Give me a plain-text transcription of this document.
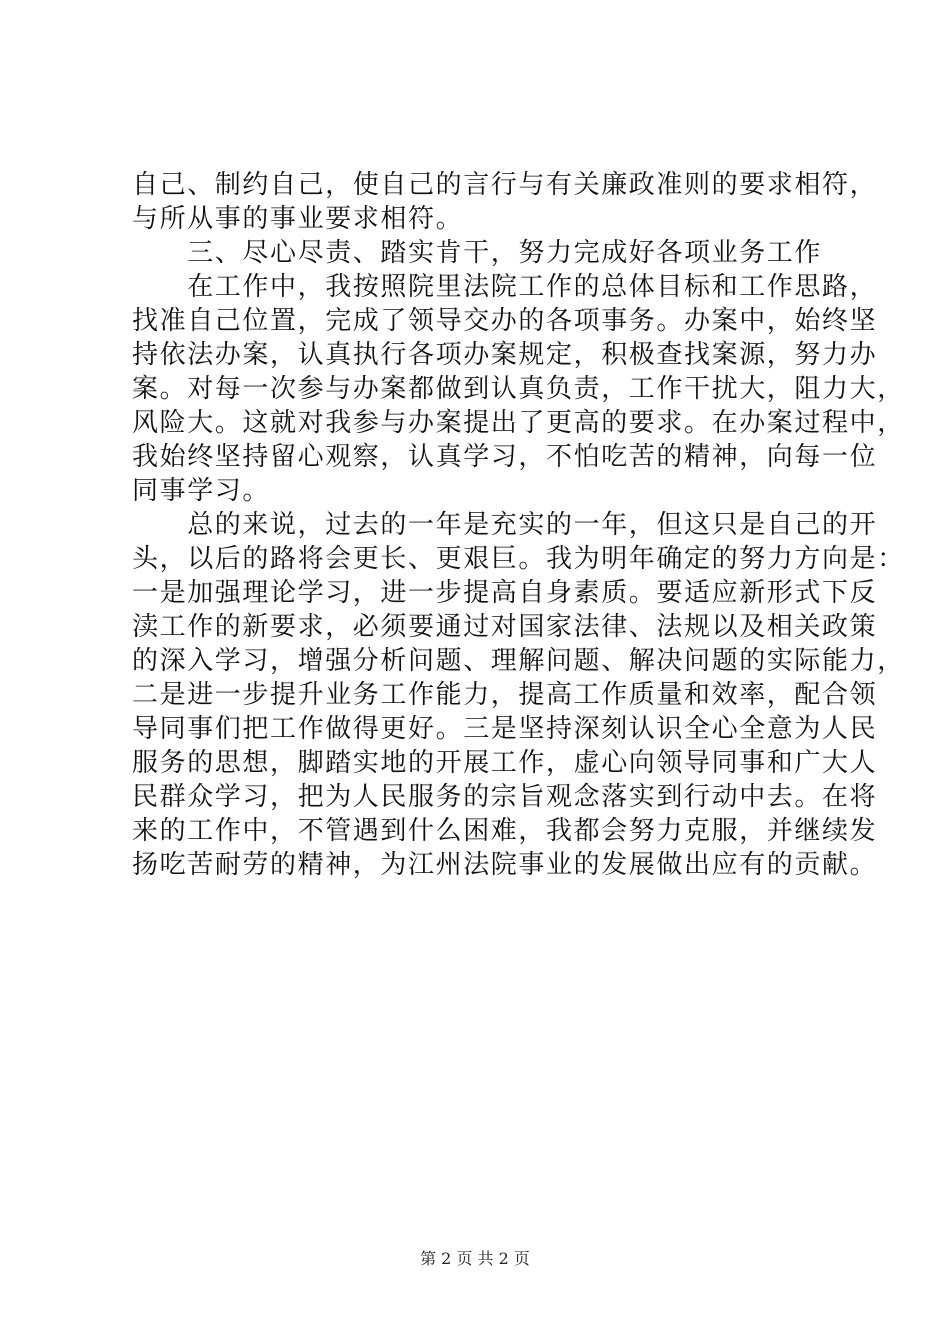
自己、制约自己，使自己的言行与有关廉政准则的要求相符，
与所从事的事业要求相符。
　　三、尽心尽责、踏实肯干，努力完成好各项业务工作
　　在工作中，我按照院里法院工作的总体目标和工作思路，
找准自己位置，完成了领导交办的各项事务。办案中，始终坚
持依法办案，认真执行各项办案规定，积极查找案源，努力办
案。对每一次参与办案都做到认真负责，工作干扰大，阻力大，
风险大。这就对我参与办案提出了更高的要求。在办案过程中，
我始终坚持留心观察，认真学习，不怕吃苦的精神，向每一位
同事学习。
　　总的来说，过去的一年是充实的一年，但这只是自己的开
头，以后的路将会更长、更艰巨。我为明年确定的努力方向是：
一是加强理论学习，进一步提高自身素质。要适应新形式下反
渎工作的新要求，必须要通过对国家法律、法规以及相关政策
的深入学习，增强分析问题、理解问题、解决问题的实际能力，
二是进一步提升业务工作能力，提高工作质量和效率，配合领
导同事们把工作做得更好。三是坚持深刻认识全心全意为人民
服务的思想，脚踏实地的开展工作，虚心向领导同事和广大人
民群众学习，把为人民服务的宗旨观念落实到行动中去。在将
来的工作中，不管遇到什么困难，我都会努力克服，并继续发
扬吃苦耐劳的精神，为江州法院事业的发展做出应有的贡献。
第 2 页 共 2 页
